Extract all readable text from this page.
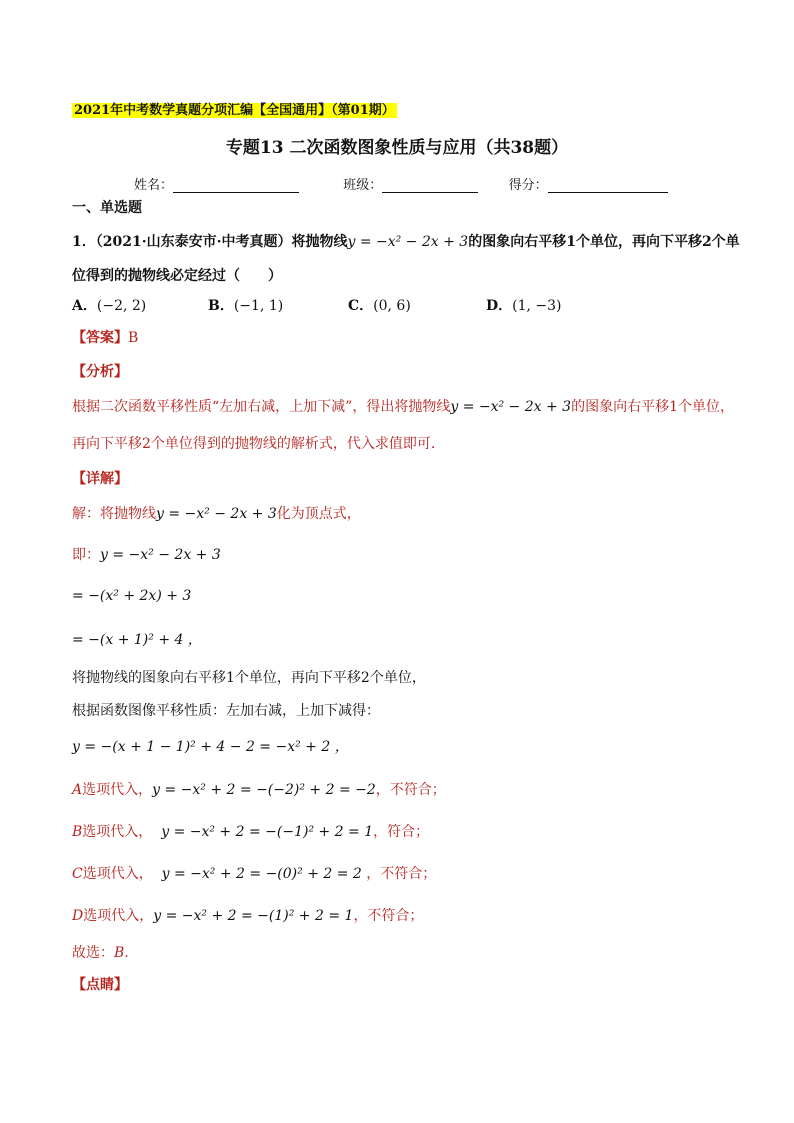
2021年中考数学真题分项汇编【全国通用】（第01期）
专题13 二次函数图象性质与应用（共38题）
姓名：	班级：	得分：
一、单选题
1．（2021·山东泰安市·中考真题）将抛物线y = −x² − 2x + 3的图象向右平移1个单位，再向下平移2个单
位得到的抛物线必定经过（　　）
A．(−2, 2)	B．(−1, 1)	C．(0, 6)	D．(1, −3)
【答案】B
【分析】
根据二次函数平移性质“左加右减，上加下减”，得出将抛物线y = −x² − 2x + 3的图象向右平移1个单位，
再向下平移2个单位得到的抛物线的解析式，代入求值即可.
【详解】
解：将抛物线y = −x² − 2x + 3化为顶点式，
即：y = −x² − 2x + 3
= −(x² + 2x) + 3
= −(x + 1)² + 4 ，
将抛物线的图象向右平移1个单位，再向下平移2个单位，
根据函数图像平移性质：左加右减，上加下减得：
y = −(x + 1 − 1)² + 4 − 2 = −x² + 2 ，
A选项代入，y = −x² + 2 = −(−2)² + 2 = −2，不符合；
B选项代入， y = −x² + 2 = −(−1)² + 2 = 1，符合；
C选项代入， y = −x² + 2 = −(0)² + 2 = 2 ，不符合；
D选项代入，y = −x² + 2 = −(1)² + 2 = 1，不符合；
故选：B.
【点睛】
